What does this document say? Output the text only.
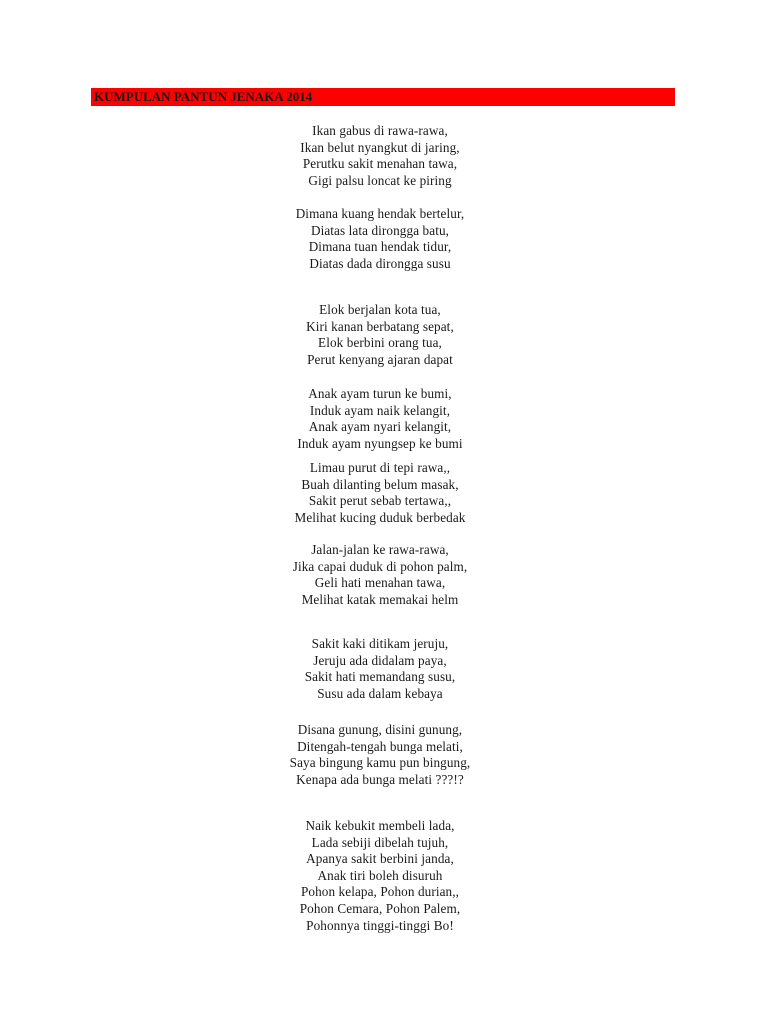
KUMPULAN PANTUN JENAKA 2014
Ikan gabus di rawa-rawa,
Ikan belut nyangkut di jaring,
Perutku sakit menahan tawa,
Gigi palsu loncat ke piring
Dimana kuang hendak bertelur,
Diatas lata dirongga batu,
Dimana tuan hendak tidur,
Diatas dada dirongga susu
Elok berjalan kota tua,
Kiri kanan berbatang sepat,
Elok berbini orang tua,
Perut kenyang ajaran dapat
Anak ayam turun ke bumi,
Induk ayam naik kelangit,
Anak ayam nyari kelangit,
Induk ayam nyungsep ke bumi
Limau purut di tepi rawa,,
Buah dilanting belum masak,
Sakit perut sebab tertawa,,
Melihat kucing duduk berbedak
Jalan-jalan ke rawa-rawa,
Jika capai duduk di pohon palm,
Geli hati menahan tawa,
Melihat katak memakai helm
Sakit kaki ditikam jeruju,
Jeruju ada didalam paya,
Sakit hati memandang susu,
Susu ada dalam kebaya
Disana gunung, disini gunung,
Ditengah-tengah bunga melati,
Saya bingung kamu pun bingung,
Kenapa ada bunga melati ???!?
Naik kebukit membeli lada,
Lada sebiji dibelah tujuh,
Apanya sakit berbini janda,
Anak tiri boleh disuruh
Pohon kelapa, Pohon durian,,
Pohon Cemara, Pohon Palem,
Pohonnya tinggi-tinggi Bo!
